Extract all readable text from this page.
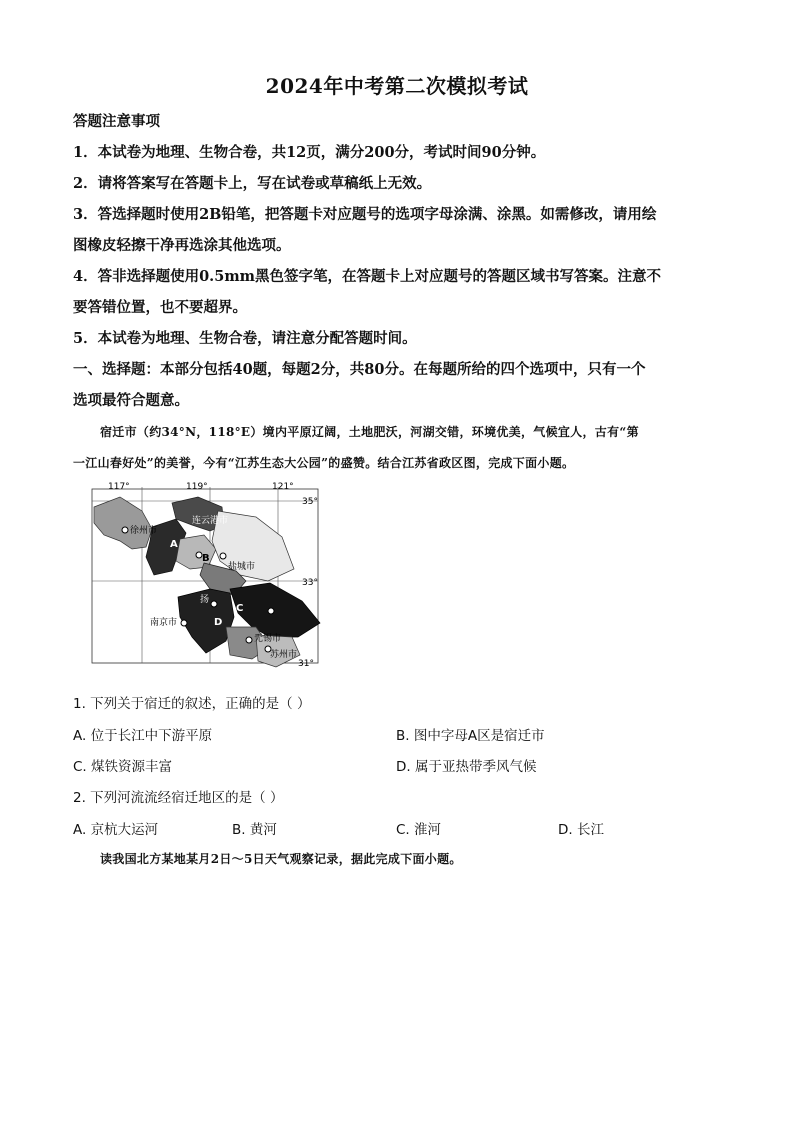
2024年中考第二次模拟考试
答题注意事项
1．本试卷为地理、生物合卷，共12页，满分200分，考试时间90分钟。
2．请将答案写在答题卡上，写在试卷或草稿纸上无效。
3．答选择题时使用2B铅笔，把答题卡对应题号的选项字母涂满、涂黑。如需修改，请用绘
图橡皮轻擦干净再选涂其他选项。
4．答非选择题使用0.5mm黑色签字笔，在答题卡上对应题号的答题区域书写答案。注意不
要答错位置，也不要超界。
5．本试卷为地理、生物合卷，请注意分配答题时间。
一、选择题：本部分包括40题，每题2分，共80分。在每题所给的四个选项中，只有一个
选项最符合题意。
宿迁市（约34°N，118°E）境内平原辽阔，土地肥沃，河湖交错，环境优美，气候宜人，古有“第
一江山春好处”的美誉，今有“江苏生态大公园”的盛赞。结合江苏省政区图，完成下面小题。
117°	119°	121°
35°
33°
31°
徐州市
连云港市
盐城市
南京市
无锡市
苏州市
扬
A
B
C
D
1. 下列关于宿迁的叙述，正确的是（ ）
A. 位于长江中下游平原	B. 图中字母A区是宿迁市
C. 煤铁资源丰富	D. 属于亚热带季风气候
2. 下列河流流经宿迁地区的是（ ）
A. 京杭大运河	B. 黄河	C. 淮河	D. 长江
读我国北方某地某月2日～5日天气观察记录，据此完成下面小题。
